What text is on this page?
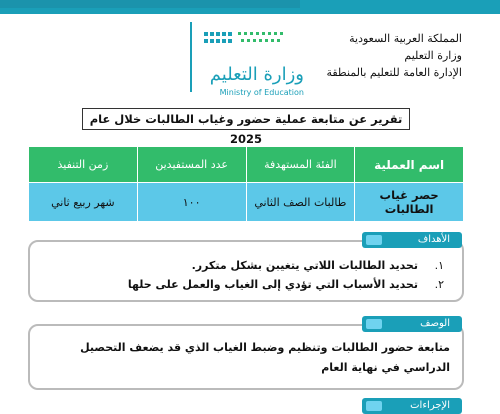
وزارة التعليم
Ministry of Education
المملكة العربية السعودية
وزارة التعليم
الإدارة العامة للتعليم بالمنطقة
تقرير عن متابعة عملية حضور وغياب الطالبات خلال عام 2025
اسم العملية	الفئة المستهدفة	عدد المستفيدين	زمن التنفيذ
حصر غياب الطالبات	طالبات الصف الثاني	١٠٠	شهر ربيع ثاني
١.تحديد الطالبات اللاتي يتغيبن بشكل متكرر.
٢.تحديد الأسباب التي تؤدي إلى الغياب والعمل على حلها
الأهداف
متابعة حضور الطالبات وتنظيم وضبط الغياب الذي قد يضعف التحصيل الدراسي في نهاية العام
الوصف
الإجراءات
